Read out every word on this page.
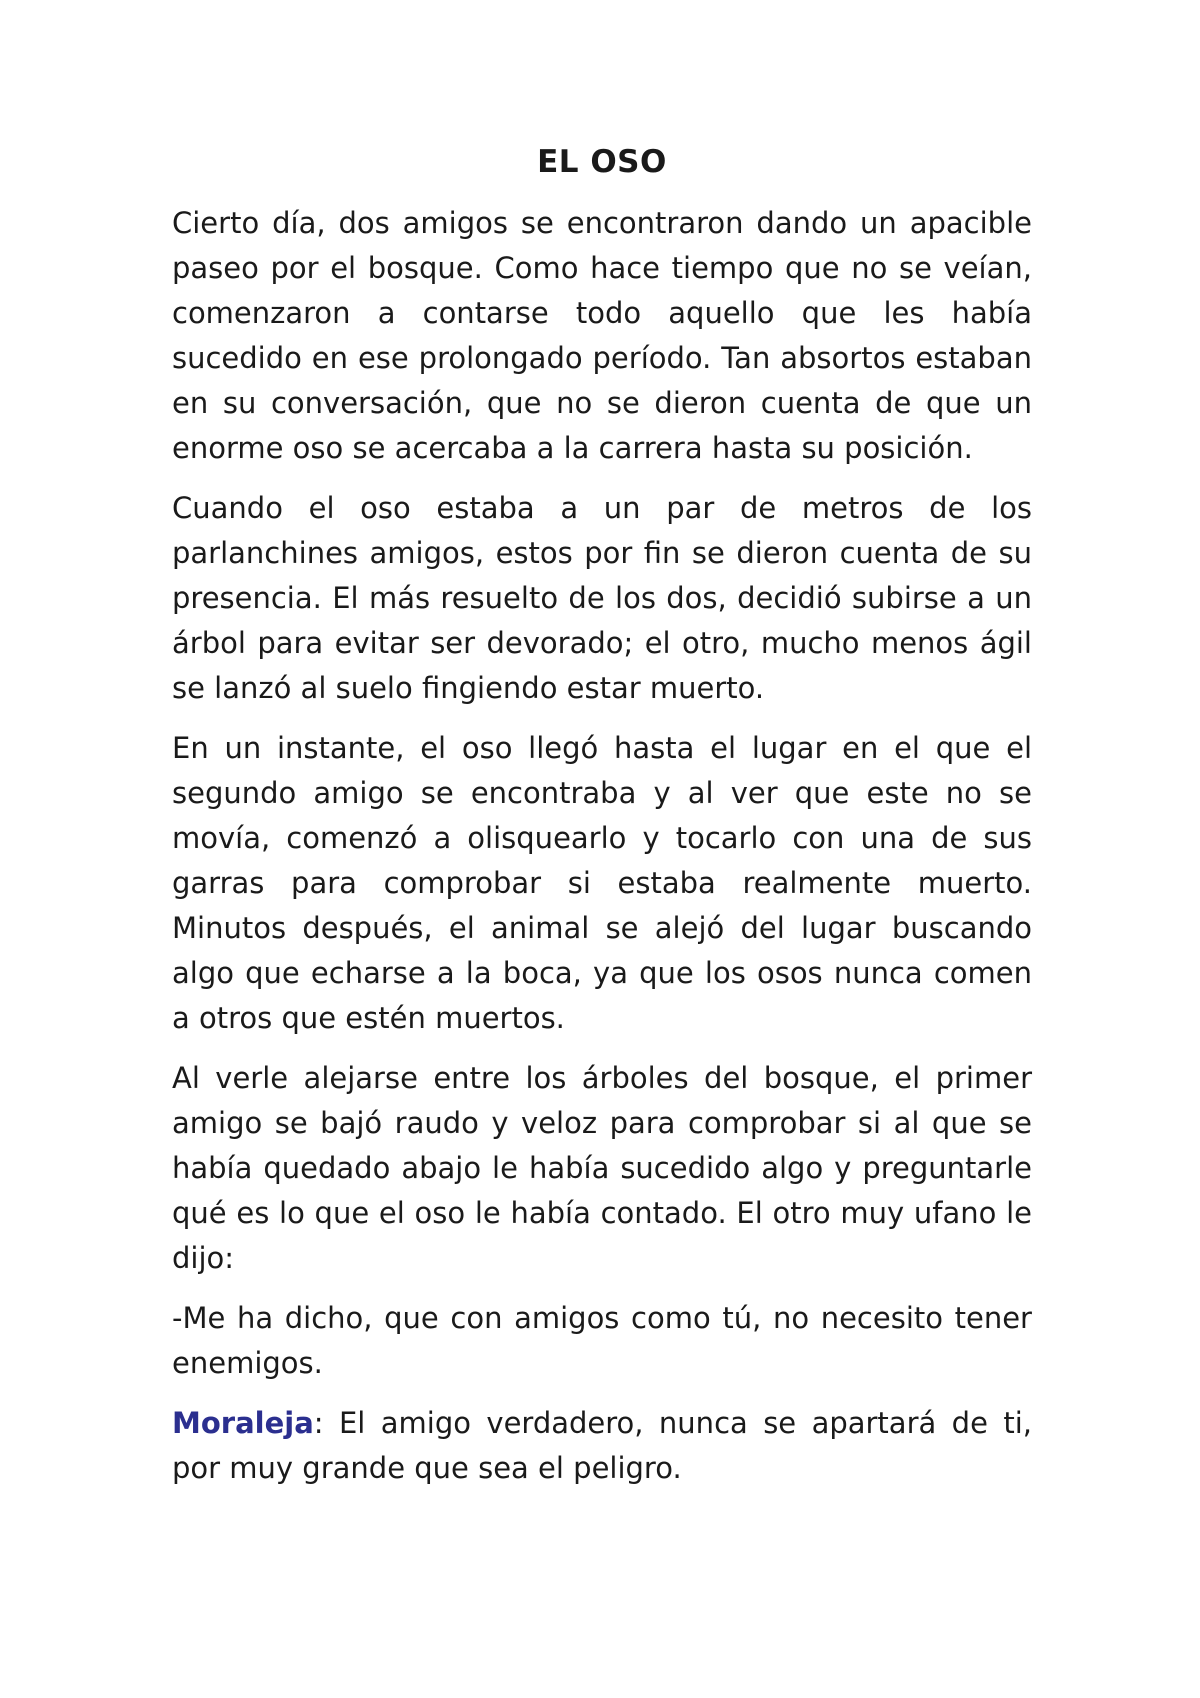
EL OSO

Cierto día, dos amigos se encontraron dando un apacible paseo por el bosque. Como hace tiempo que no se veían, comenzaron a contarse todo aquello que les había sucedido en ese prolongado período. Tan absortos estaban en su conversación, que no se dieron cuenta de que un enorme oso se acercaba a la carrera hasta su posición.

Cuando el oso estaba a un par de metros de los parlanchines amigos, estos por fin se dieron cuenta de su presencia. El más resuelto de los dos, decidió subirse a un árbol para evitar ser devorado; el otro, mucho menos ágil se lanzó al suelo fingiendo estar muerto.

En un instante, el oso llegó hasta el lugar en el que el segundo amigo se encontraba y al ver que este no se movía, comenzó a olisquearlo y tocarlo con una de sus garras para comprobar si estaba realmente muerto. Minutos después, el animal se alejó del lugar buscando algo que echarse a la boca, ya que los osos nunca comen a otros que estén muertos.

Al verle alejarse entre los árboles del bosque, el primer amigo se bajó raudo y veloz para comprobar si al que se había quedado abajo le había sucedido algo y preguntarle qué es lo que el oso le había contado. El otro muy ufano le dijo:

-Me ha dicho, que con amigos como tú, no necesito tener enemigos.

Moraleja: El amigo verdadero, nunca se apartará de ti, por muy grande que sea el peligro.
